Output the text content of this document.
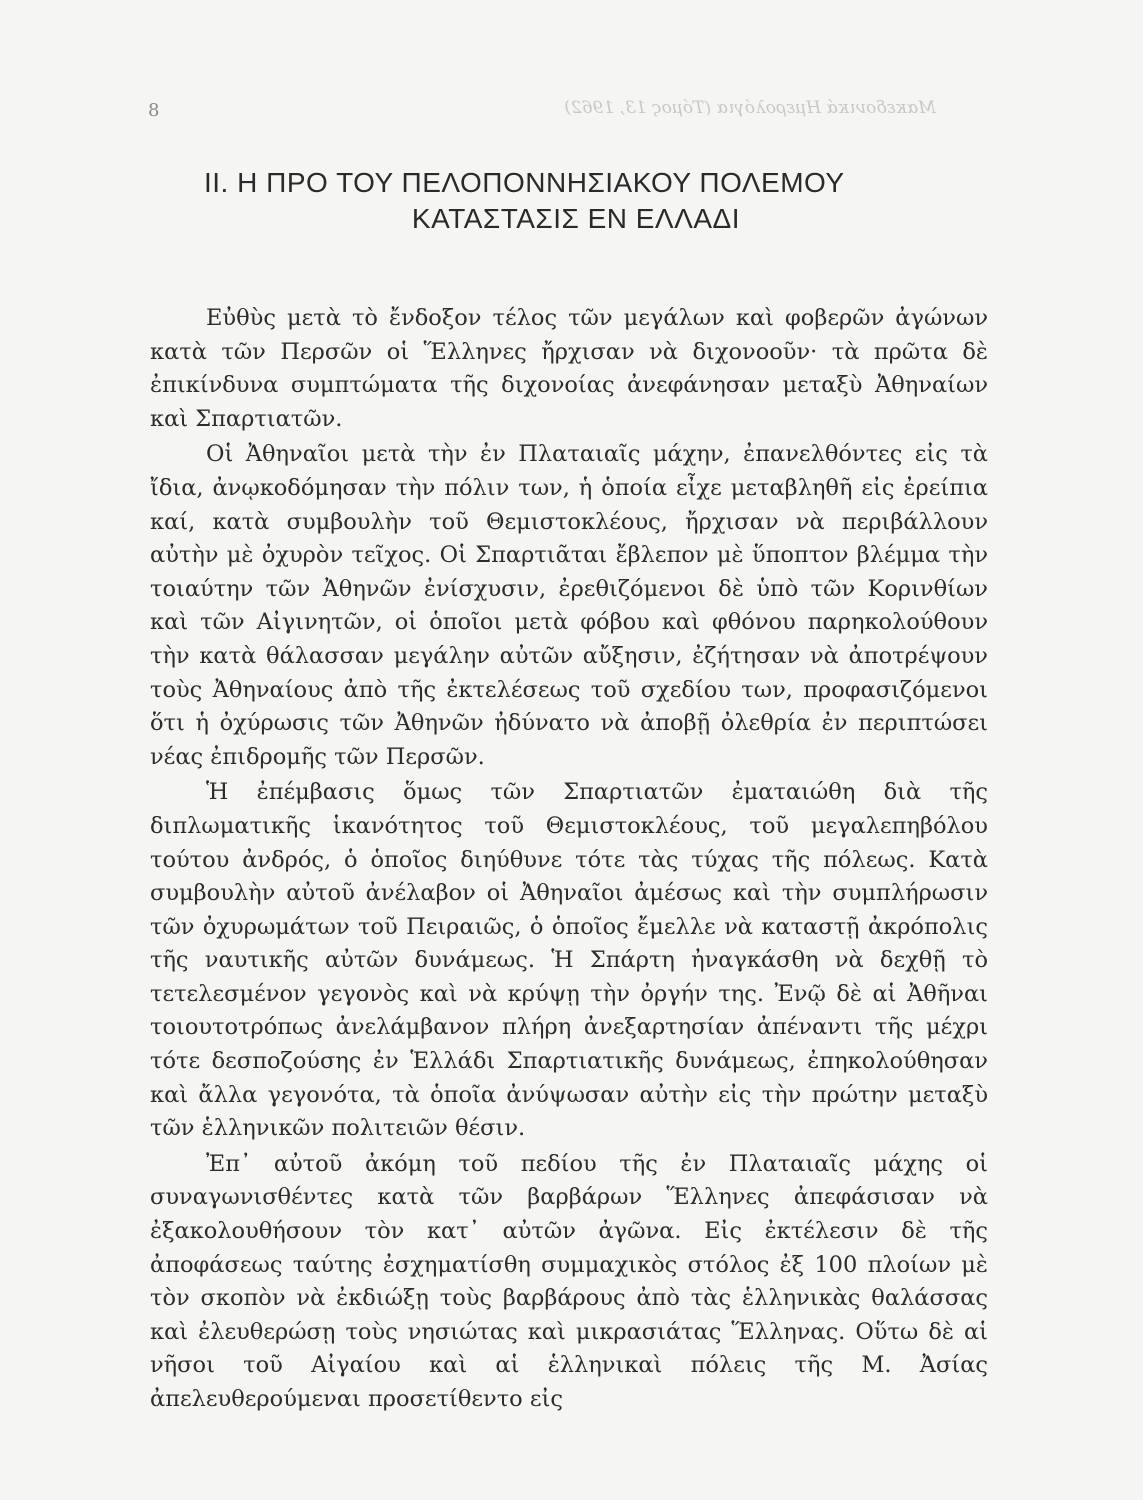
8	Μακεδονικά Ημερολόγια (Τόμος 13, 1962)
II. Η ΠΡΟ ΤΟΥ ΠΕΛΟΠΟΝΝΗΣΙΑΚΟΥ ΠΟΛΕΜΟΥ
ΚΑΤΑΣΤΑΣΙΣ ΕΝ ΕΛΛΑΔΙ

Εὐθὺς μετὰ τὸ ἔνδοξον τέλος τῶν μεγάλων καὶ φοβερῶν ἀγώνων κατὰ τῶν Περσῶν οἱ Ἕλληνες ἤρχισαν νὰ διχονοοῦν· τὰ πρῶτα δὲ ἐπικίνδυνα συμπτώματα τῆς διχονοίας ἀνεφάνησαν μεταξὺ Ἀθηναίων καὶ Σπαρτιατῶν.

Οἱ Ἀθηναῖοι μετὰ τὴν ἐν Πλαταιαῖς μάχην, ἐπανελθόντες εἰς τὰ ἴδια, ἀνῳκοδόμησαν τὴν πόλιν των, ἡ ὁποία εἶχε μεταβληθῆ εἰς ἐρείπια καί, κατὰ συμβουλὴν τοῦ Θεμιστοκλέους, ἤρχισαν νὰ περιβάλλουν αὐτὴν μὲ ὀχυρὸν τεῖχος. Οἱ Σπαρτιᾶται ἔβλεπον μὲ ὕποπτον βλέμμα τὴν τοιαύτην τῶν Ἀθηνῶν ἐνίσχυσιν, ἐρεθιζόμενοι δὲ ὑπὸ τῶν Κορινθίων καὶ τῶν Αἰγινητῶν, οἱ ὁποῖοι μετὰ φόβου καὶ φθόνου παρηκολούθουν τὴν κατὰ θάλασσαν μεγάλην αὐτῶν αὔξησιν, ἐζήτησαν νὰ ἀποτρέψουν τοὺς Ἀθηναίους ἀπὸ τῆς ἐκτελέσεως τοῦ σχεδίου των, προφασιζόμενοι ὅτι ἡ ὀχύρωσις τῶν Ἀθηνῶν ἠδύνατο νὰ ἀποβῇ ὀλεθρία ἐν περιπτώσει νέας ἐπιδρομῆς τῶν Περσῶν.

Ἡ ἐπέμβασις ὅμως τῶν Σπαρτιατῶν ἐματαιώθη διὰ τῆς διπλωματικῆς ἱκανότητος τοῦ Θεμιστοκλέους, τοῦ μεγαλεπηβόλου τούτου ἀνδρός, ὁ ὁποῖος διηύθυνε τότε τὰς τύχας τῆς πόλεως. Κατὰ συμβουλὴν αὐτοῦ ἀνέλαβον οἱ Ἀθηναῖοι ἀμέσως καὶ τὴν συμπλήρωσιν τῶν ὀχυρωμάτων τοῦ Πειραιῶς, ὁ ὁποῖος ἔμελλε νὰ καταστῇ ἀκρόπολις τῆς ναυτικῆς αὐτῶν δυνάμεως. Ἡ Σπάρτη ἠναγκάσθη νὰ δεχθῇ τὸ τετελεσμένον γεγονὸς καὶ νὰ κρύψῃ τὴν ὀργήν της. Ἐνῷ δὲ αἱ Ἀθῆναι τοιουτοτρόπως ἀνελάμβανον πλήρη ἀνεξαρτησίαν ἀπέναντι τῆς μέχρι τότε δεσποζούσης ἐν Ἑλλάδι Σπαρτιατικῆς δυνάμεως, ἐπηκολούθησαν καὶ ἄλλα γεγονότα, τὰ ὁποῖα ἀνύψωσαν αὐτὴν εἰς τὴν πρώτην μεταξὺ τῶν ἑλληνικῶν πολιτειῶν θέσιν.

Ἐπ᾽ αὐτοῦ ἀκόμη τοῦ πεδίου τῆς ἐν Πλαταιαῖς μάχης οἱ συναγωνισθέντες κατὰ τῶν βαρβάρων Ἕλληνες ἀπεφάσισαν νὰ ἐξακολουθήσουν τὸν κατ᾽ αὐτῶν ἀγῶνα. Εἰς ἐκτέλεσιν δὲ τῆς ἀποφάσεως ταύτης ἐσχηματίσθη συμμαχικὸς στόλος ἐξ 100 πλοίων μὲ τὸν σκοπὸν νὰ ἐκδιώξῃ τοὺς βαρβάρους ἀπὸ τὰς ἑλληνικὰς θαλάσσας καὶ ἐλευθερώσῃ τοὺς νησιώτας καὶ μικρασιάτας Ἕλληνας. Οὕτω δὲ αἱ νῆσοι τοῦ Αἰγαίου καὶ αἱ ἑλληνικαὶ πόλεις τῆς Μ. Ἀσίας ἀπελευθερούμεναι προσετίθεντο εἰς
